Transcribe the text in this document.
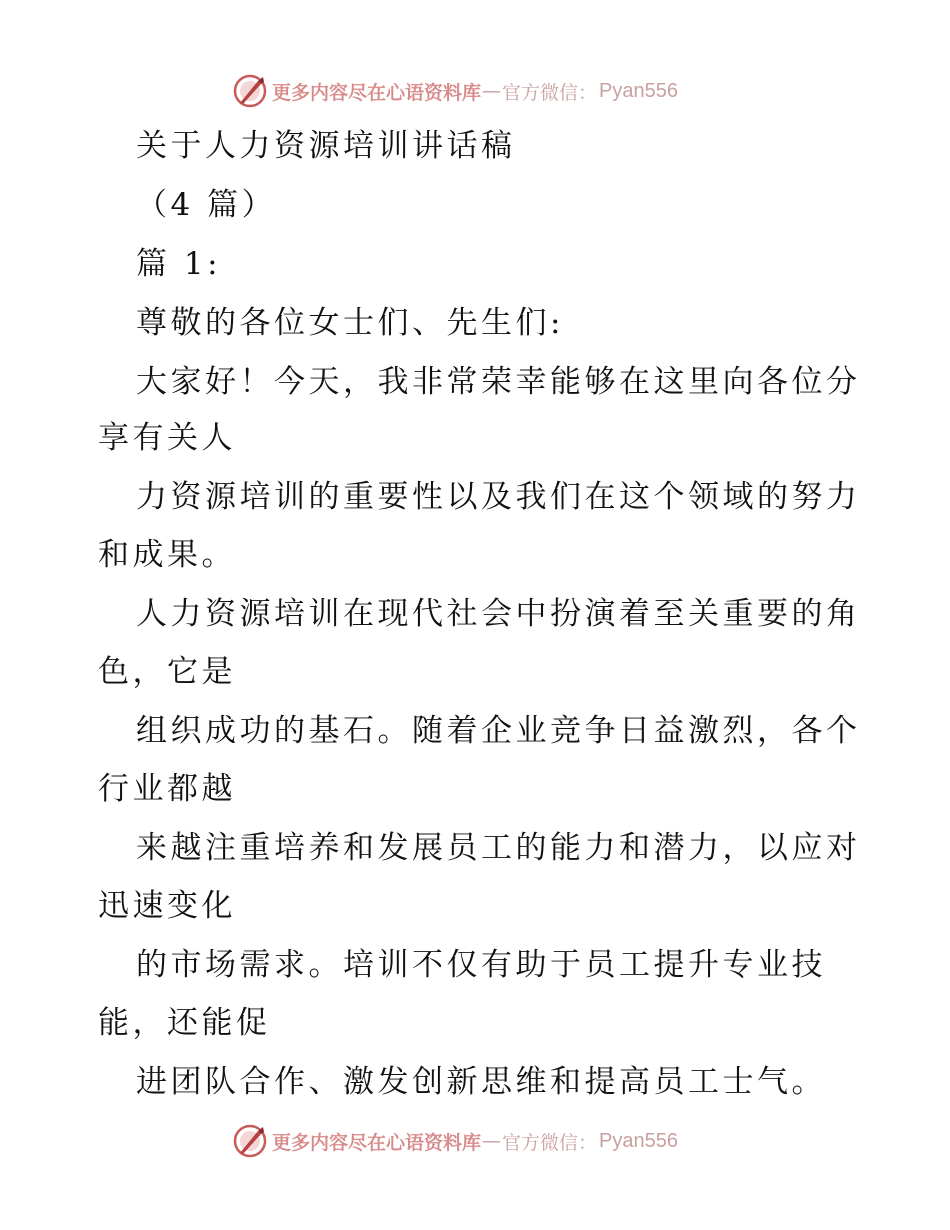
更多内容尽在心语资料库 — 官方微信： Pyan556
关于人力资源培训讲话稿
（4 篇）
篇 1:
尊敬的各位女士们、先生们:
大家好！今天，我非常荣幸能够在这里向各位分
享有关人
力资源培训的重要性以及我们在这个领域的努力
和成果。
人力资源培训在现代社会中扮演着至关重要的角
色，它是
组织成功的基石。随着企业竞争日益激烈，各个
行业都越
来越注重培养和发展员工的能力和潜力，以应对
迅速变化
的市场需求。培训不仅有助于员工提升专业技
能，还能促
进团队合作、激发创新思维和提高员工士气。
更多内容尽在心语资料库 — 官方微信： Pyan556
